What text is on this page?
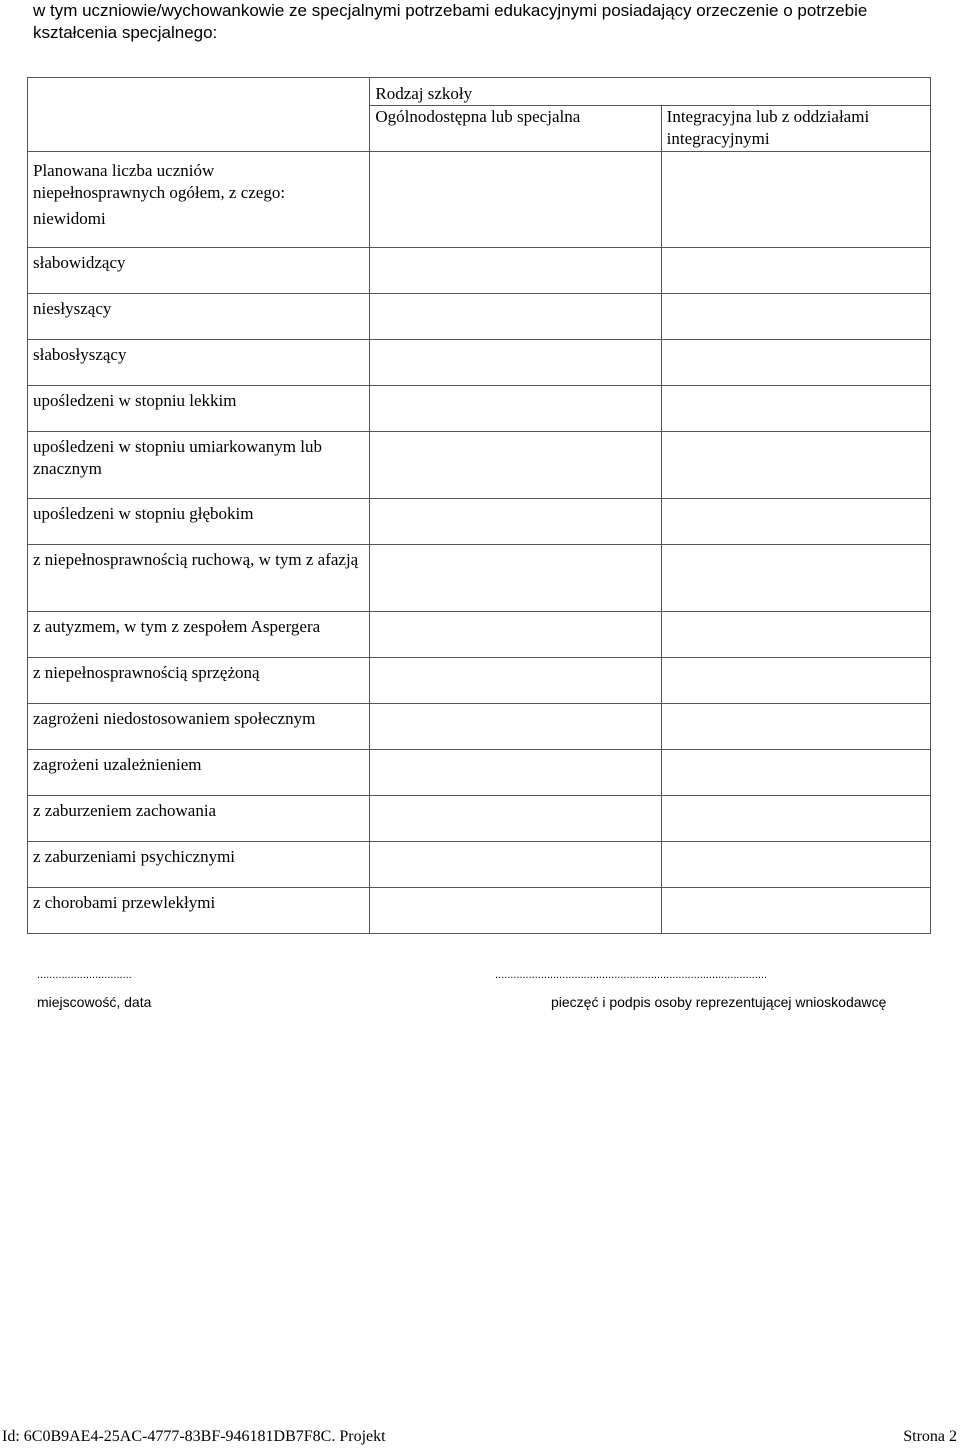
w tym uczniowie/wychowankowie ze specjalnymi potrzebami edukacyjnymi posiadający orzeczenie o potrzebie
kształcenia specjalnego:

	Rodzaj szkoły	

	Ogólnodostępna lub specjalna	Integracyjna lub z oddziałami
integracyjnymi

Planowana liczba uczniów
niepełnosprawnych ogółem, z czego:
niewidomi		

słabowidzący		

niesłyszący		

słabosłyszący		

upośledzeni w stopniu lekkim		

upośledzeni w stopniu umiarkowanym lub znacznym		

upośledzeni w stopniu głębokim		

z niepełnosprawnością ruchową, w tym z afazją		

z autyzmem, w tym z zespołem Aspergera		

z niepełnosprawnością sprzężoną		

zagrożeni niedostosowaniem społecznym		

zagrożeni uzależnieniem		

z zaburzeniem zachowania		

z zaburzeniami psychicznymi		

z chorobami przewlekłymi		

...............................
miejscowość, data
.........................................................................................
pieczęć i podpis osoby reprezentującej wnioskodawcę
Id: 6C0B9AE4-25AC-4777-83BF-946181DB7F8C. Projekt	Strona 2
